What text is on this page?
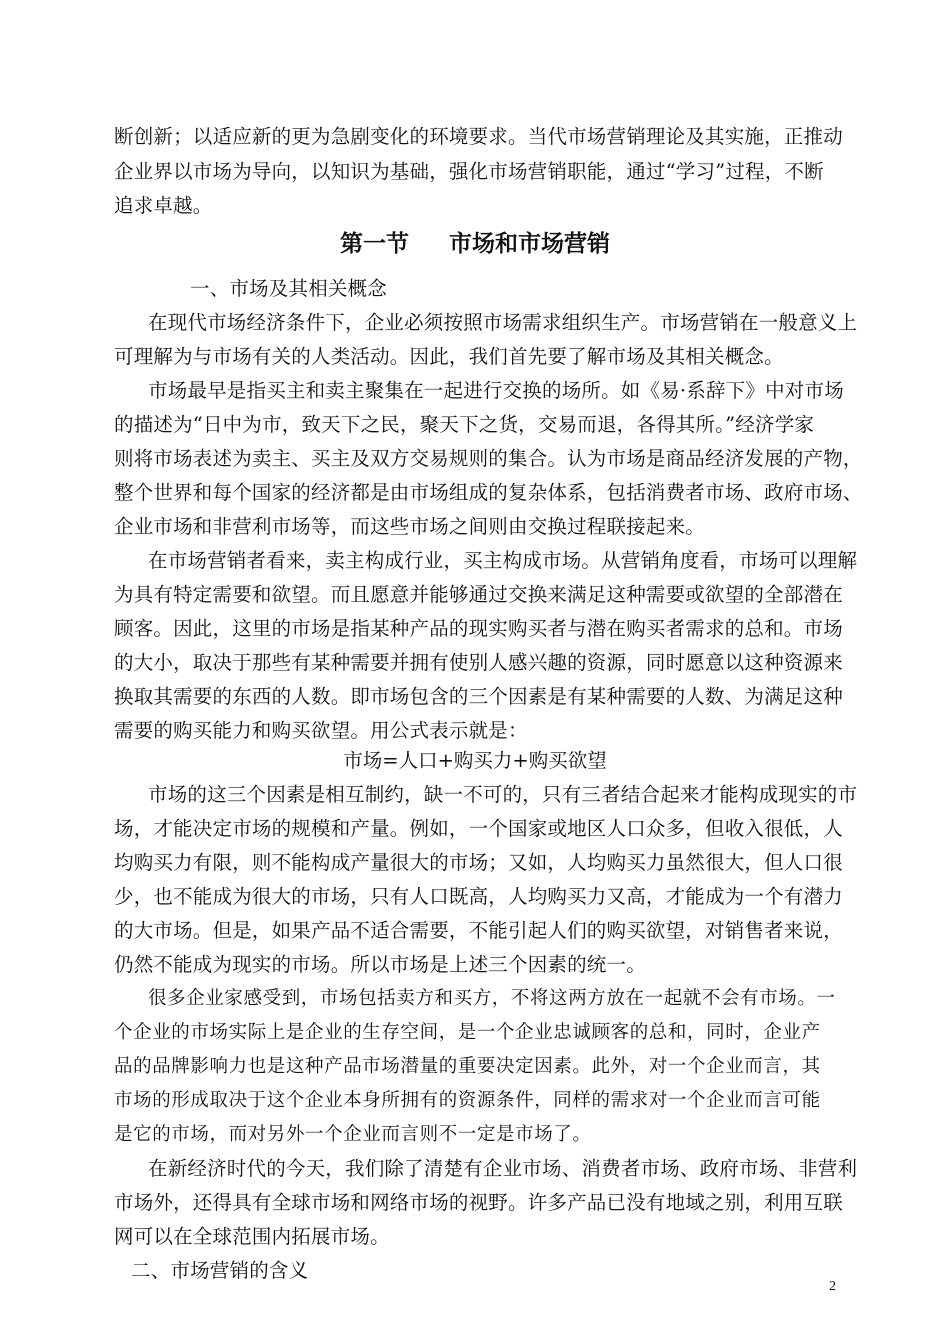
断创新；以适应新的更为急剧变化的环境要求。当代市场营销理论及其实施，正推动
企业界以市场为导向，以知识为基础，强化市场营销职能，通过“学习”过程，不断
追求卓越。
第一节 市场和市场营销
一、市场及其相关概念
在现代市场经济条件下，企业必须按照市场需求组织生产。市场营销在一般意义上
可理解为与市场有关的人类活动。因此，我们首先要了解市场及其相关概念。
市场最早是指买主和卖主聚集在一起进行交换的场所。如《易·系辞下》中对市场
的描述为“日中为市，致天下之民，聚天下之货，交易而退，各得其所。”经济学家
则将市场表述为卖主、买主及双方交易规则的集合。认为市场是商品经济发展的产物，
整个世界和每个国家的经济都是由市场组成的复杂体系，包括消费者市场、政府市场、
企业市场和非营利市场等，而这些市场之间则由交换过程联接起来。
在市场营销者看来，卖主构成行业，买主构成市场。从营销角度看，市场可以理解
为具有特定需要和欲望。而且愿意并能够通过交换来满足这种需要或欲望的全部潜在
顾客。因此，这里的市场是指某种产品的现实购买者与潜在购买者需求的总和。市场
的大小，取决于那些有某种需要并拥有使别人感兴趣的资源，同时愿意以这种资源来
换取其需要的东西的人数。即市场包含的三个因素是有某种需要的人数、为满足这种
需要的购买能力和购买欲望。用公式表示就是：
市场=人口+购买力+购买欲望
市场的这三个因素是相互制约，缺一不可的，只有三者结合起来才能构成现实的市
场，才能决定市场的规模和产量。例如，一个国家或地区人口众多，但收入很低，人
均购买力有限，则不能构成产量很大的市场；又如，人均购买力虽然很大，但人口很
少，也不能成为很大的市场，只有人口既高，人均购买力又高，才能成为一个有潜力
的大市场。但是，如果产品不适合需要，不能引起人们的购买欲望，对销售者来说，
仍然不能成为现实的市场。所以市场是上述三个因素的统一。
很多企业家感受到，市场包括卖方和买方，不将这两方放在一起就不会有市场。一
个企业的市场实际上是企业的生存空间，是一个企业忠诚顾客的总和，同时，企业产
品的品牌影响力也是这种产品市场潜量的重要决定因素。此外，对一个企业而言，其
市场的形成取决于这个企业本身所拥有的资源条件，同样的需求对一个企业而言可能
是它的市场，而对另外一个企业而言则不一定是市场了。
在新经济时代的今天，我们除了清楚有企业市场、消费者市场、政府市场、非营利
市场外，还得具有全球市场和网络市场的视野。许多产品已没有地域之别，利用互联
网可以在全球范围内拓展市场。
二、市场营销的含义
2
